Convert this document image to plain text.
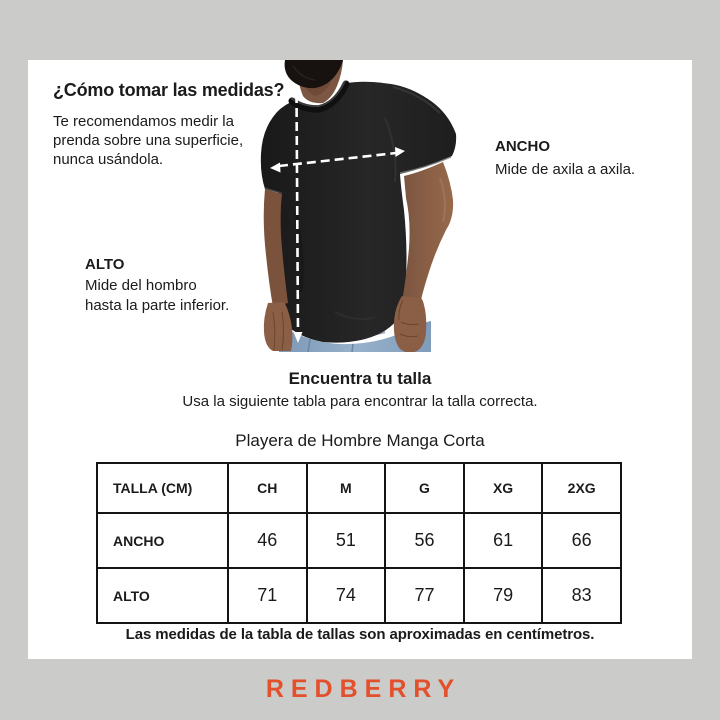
¿Cómo tomar las medidas?
Te recomendamos medir la
prenda sobre una superficie,
nunca usándola.
ANCHO
Mide de axila a axila.
ALTO
Mide del hombro
hasta la parte inferior.
Encuentra tu talla
Usa la siguiente tabla para encontrar la talla correcta.
Playera de Hombre Manga Corta
TALLA (CM)	CH	M	G	XG	2XG
ANCHO	46	51	56	61	66
ALTO	71	74	77	79	83
Las medidas de la tabla de tallas son aproximadas en centímetros.
REDBERRY
